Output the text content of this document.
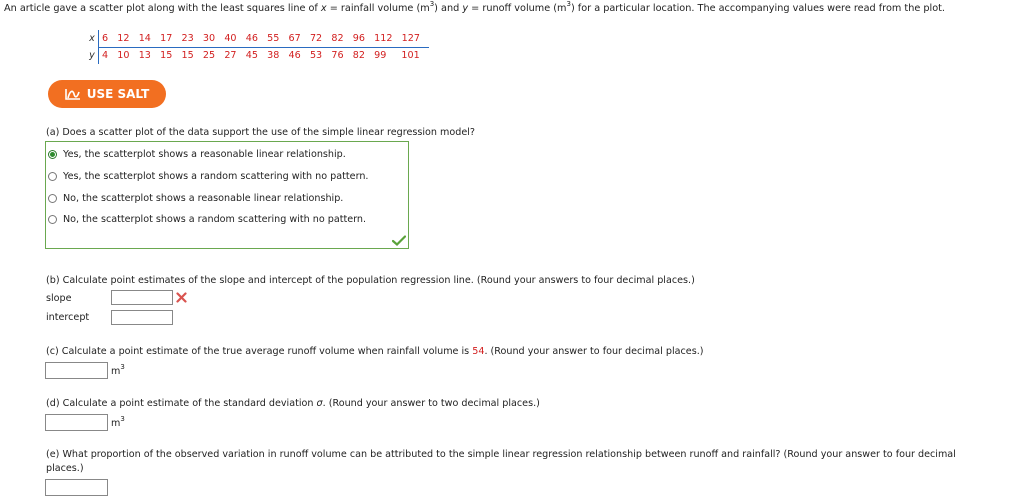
An article gave a scatter plot along with the least squares line of x = rainfall volume $(m^3)$ and y = runoff volume $(m^3)$ for a particular location. The accompanying values were read from the plot.
x 6 12 14 17 23 30 40 46 55 67 72 82 96 112 127
y 4 10 13 15 15 25 27 45 38 46 53 76 82 99	101
USE SALT
(a) Does a scatter plot of the data support the use of the simple linear regression model?
Yes, the scatterplot shows a reasonable linear relationship.
Yes, the scatterplot shows a random scattering with no pattern.
No, the scatterplot shows a reasonable linear relationship.
No, the scatterplot shows a random scattering with no pattern.
(b) Calculate point estimates of the slope and intercept of the population regression line. (Round your answers to four decimal places.)
slope
intercept
(c) Calculate a point estimate of the true average runoff volume when rainfall volume is 54. (Round your answer to four decimal places.)
$m^3$
(d) Calculate a point estimate of the standard deviation σ. (Round your answer to two decimal places.)
$m^3$
(e) What proportion of the observed variation in runoff volume can be attributed to the simple linear regression relationship between runoff and rainfall? (Round your answer to four decimal
places.)
